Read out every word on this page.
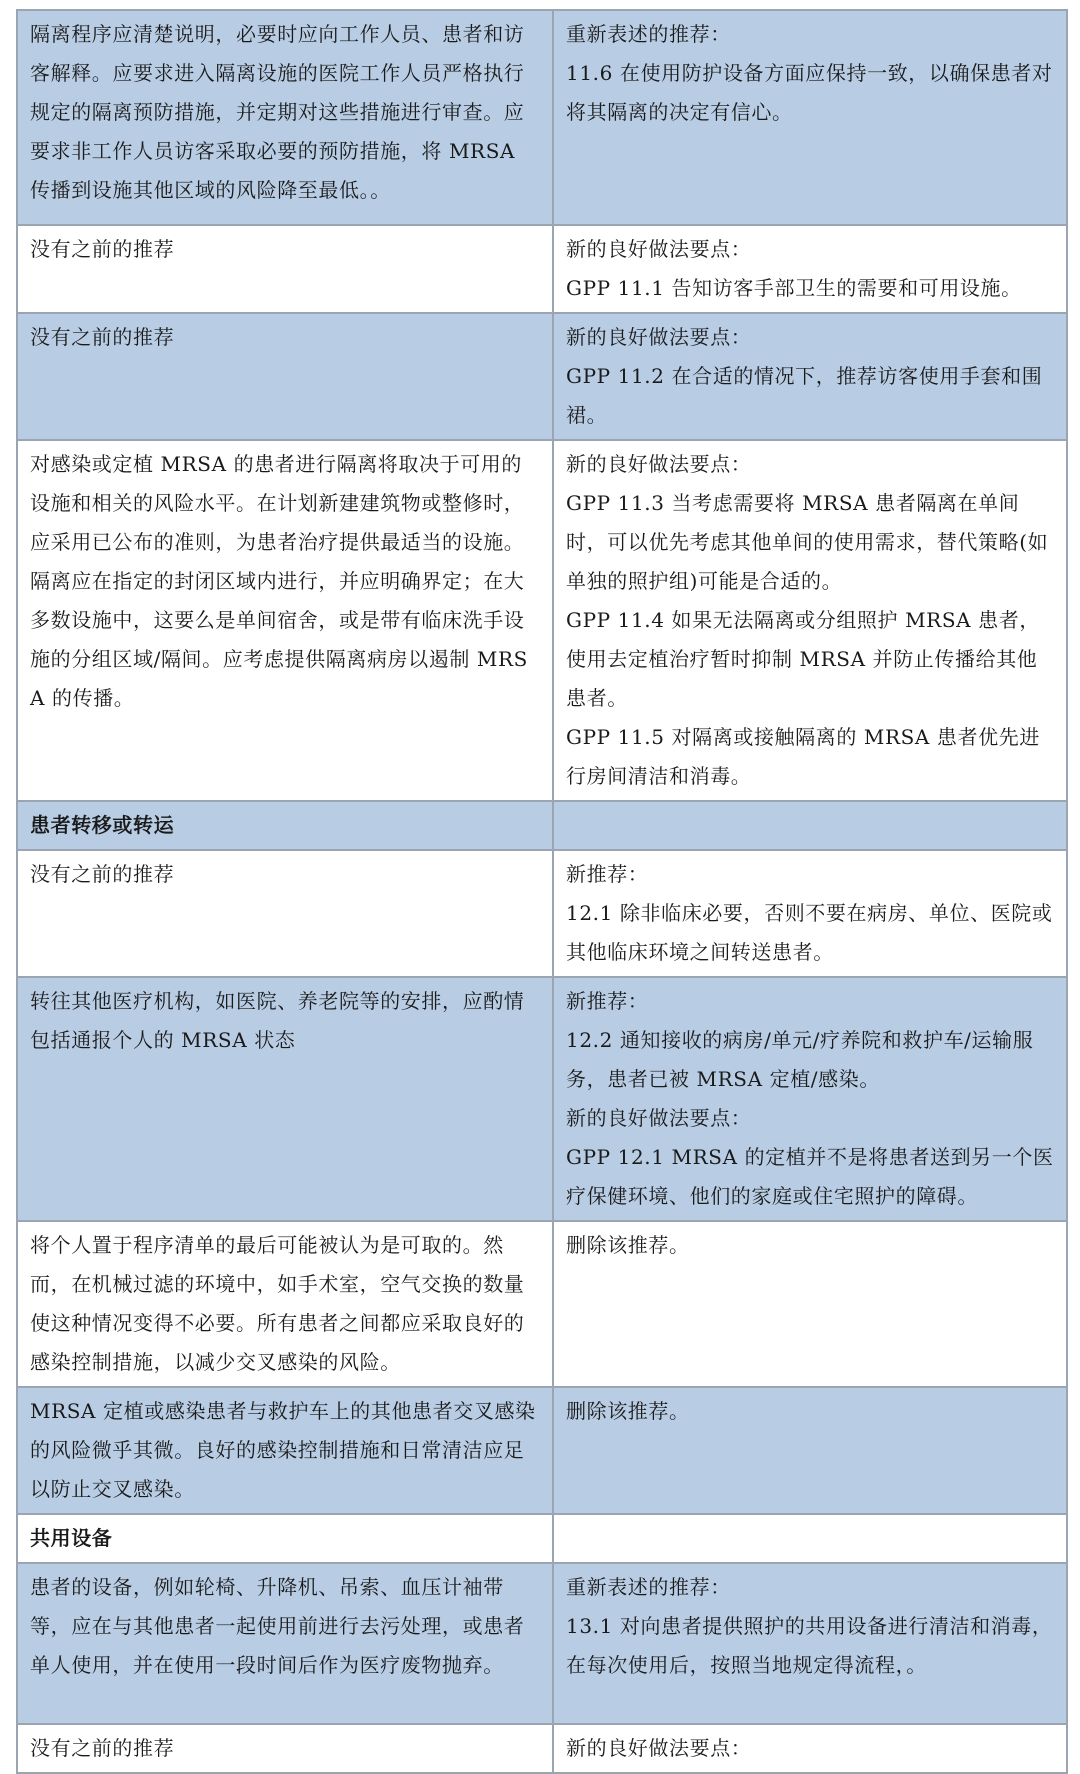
隔离程序应清楚说明，必要时应向工作人员、患者和访客解释。应要求进入隔离设施的医院工作人员严格执行规定的隔离预防措施，并定期对这些措施进行审查。应要求非工作人员访客采取必要的预防措施，将 MRSA 传播到设施其他区域的风险降至最低。。	重新表述的推荐：
11.6 在使用防护设备方面应保持一致，以确保患者对将其隔离的决定有信心。

没有之前的推荐	新的良好做法要点：
GPP 11.1 告知访客手部卫生的需要和可用设施。

没有之前的推荐	新的良好做法要点：
GPP 11.2 在合适的情况下，推荐访客使用手套和围裙。

对感染或定植 MRSA 的患者进行隔离将取决于可用的设施和相关的风险水平。在计划新建建筑物或整修时，应采用已公布的准则，为患者治疗提供最适当的设施。隔离应在指定的封闭区域内进行，并应明确界定；在大多数设施中，这要么是单间宿舍，或是带有临床洗手设施的分组区域/隔间。应考虑提供隔离病房以遏制 MRSA 的传播。	新的良好做法要点：
GPP 11.3 当考虑需要将 MRSA 患者隔离在单间时，可以优先考虑其他单间的使用需求，替代策略(如单独的照护组)可能是合适的。
GPP 11.4 如果无法隔离或分组照护 MRSA 患者，使用去定植治疗暂时抑制 MRSA 并防止传播给其他患者。
GPP 11.5 对隔离或接触隔离的 MRSA 患者优先进行房间清洁和消毒。

患者转移或转运	

没有之前的推荐	新推荐：
12.1 除非临床必要，否则不要在病房、单位、医院或其他临床环境之间转送患者。

转往其他医疗机构，如医院、养老院等的安排，应酌情包括通报个人的 MRSA 状态	新推荐：
12.2 通知接收的病房/单元/疗养院和救护车/运输服务，患者已被 MRSA 定植/感染。
新的良好做法要点：
GPP 12.1 MRSA 的定植并不是将患者送到另一个医疗保健环境、他们的家庭或住宅照护的障碍。

将个人置于程序清单的最后可能被认为是可取的。然而，在机械过滤的环境中，如手术室，空气交换的数量使这种情况变得不必要。所有患者之间都应采取良好的感染控制措施，以减少交叉感染的风险。	删除该推荐。

MRSA 定植或感染患者与救护车上的其他患者交叉感染的风险微乎其微。良好的感染控制措施和日常清洁应足以防止交叉感染。	删除该推荐。

共用设备	

患者的设备，例如轮椅、升降机、吊索、血压计袖带等，应在与其他患者一起使用前进行去污处理，或患者单人使用，并在使用一段时间后作为医疗废物抛弃。	重新表述的推荐：
13.1 对向患者提供照护的共用设备进行清洁和消毒，在每次使用后，按照当地规定得流程，。

没有之前的推荐	新的良好做法要点：
